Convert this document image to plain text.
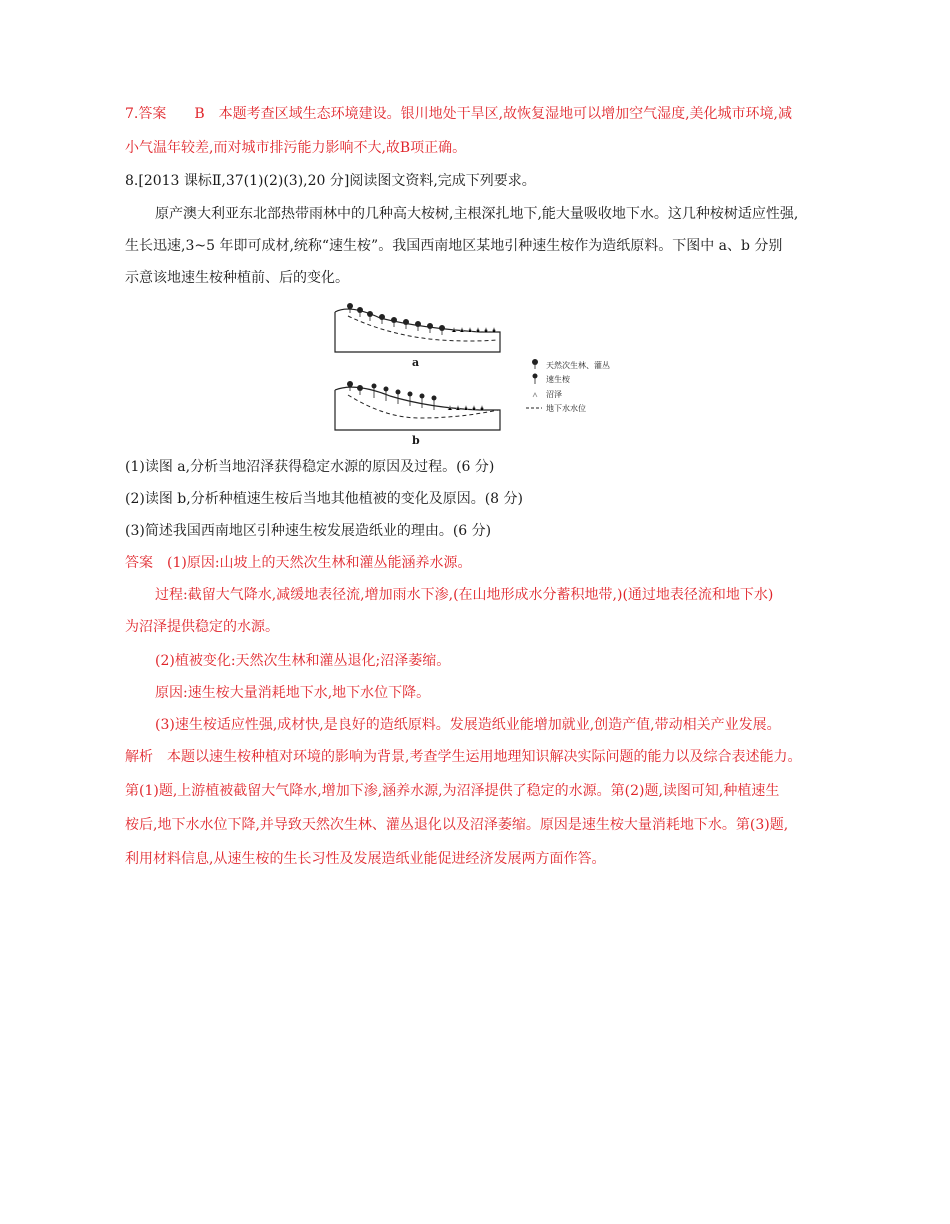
7.答案　　B　本题考查区域生态环境建设。银川地处干旱区,故恢复湿地可以增加空气湿度,美化城市环境,减
小气温年较差,而对城市排污能力影响不大,故B项正确。
8.[2013 课标Ⅱ,37(1)(2)(3),20 分]阅读图文资料,完成下列要求。
原产澳大利亚东北部热带雨林中的几种高大桉树,主根深扎地下,能大量吸收地下水。这几种桉树适应性强,
生长迅速,3~5 年即可成材,统称“速生桉”。我国西南地区某地引种速生桉作为造纸原料。下图中 a、b 分别
示意该地速生桉种植前、后的变化。
天然次生林、灌丛
速生桉
沼泽
地下水水位
a
b
(1)读图 a,分析当地沼泽获得稳定水源的原因及过程。(6 分)
(2)读图 b,分析种植速生桉后当地其他植被的变化及原因。(8 分)
(3)简述我国西南地区引种速生桉发展造纸业的理由。(6 分)
答案　(1)原因:山坡上的天然次生林和灌丛能涵养水源。
过程:截留大气降水,减缓地表径流,增加雨水下渗,(在山地形成水分蓄积地带,)(通过地表径流和地下水)
为沼泽提供稳定的水源。
(2)植被变化:天然次生林和灌丛退化;沼泽萎缩。
原因:速生桉大量消耗地下水,地下水位下降。
(3)速生桉适应性强,成材快,是良好的造纸原料。发展造纸业能增加就业,创造产值,带动相关产业发展。
解析　本题以速生桉种植对环境的影响为背景,考查学生运用地理知识解决实际问题的能力以及综合表述能力。
第(1)题,上游植被截留大气降水,增加下渗,涵养水源,为沼泽提供了稳定的水源。第(2)题,读图可知,种植速生
桉后,地下水水位下降,并导致天然次生林、灌丛退化以及沼泽萎缩。原因是速生桉大量消耗地下水。第(3)题,
利用材料信息,从速生桉的生长习性及发展造纸业能促进经济发展两方面作答。
